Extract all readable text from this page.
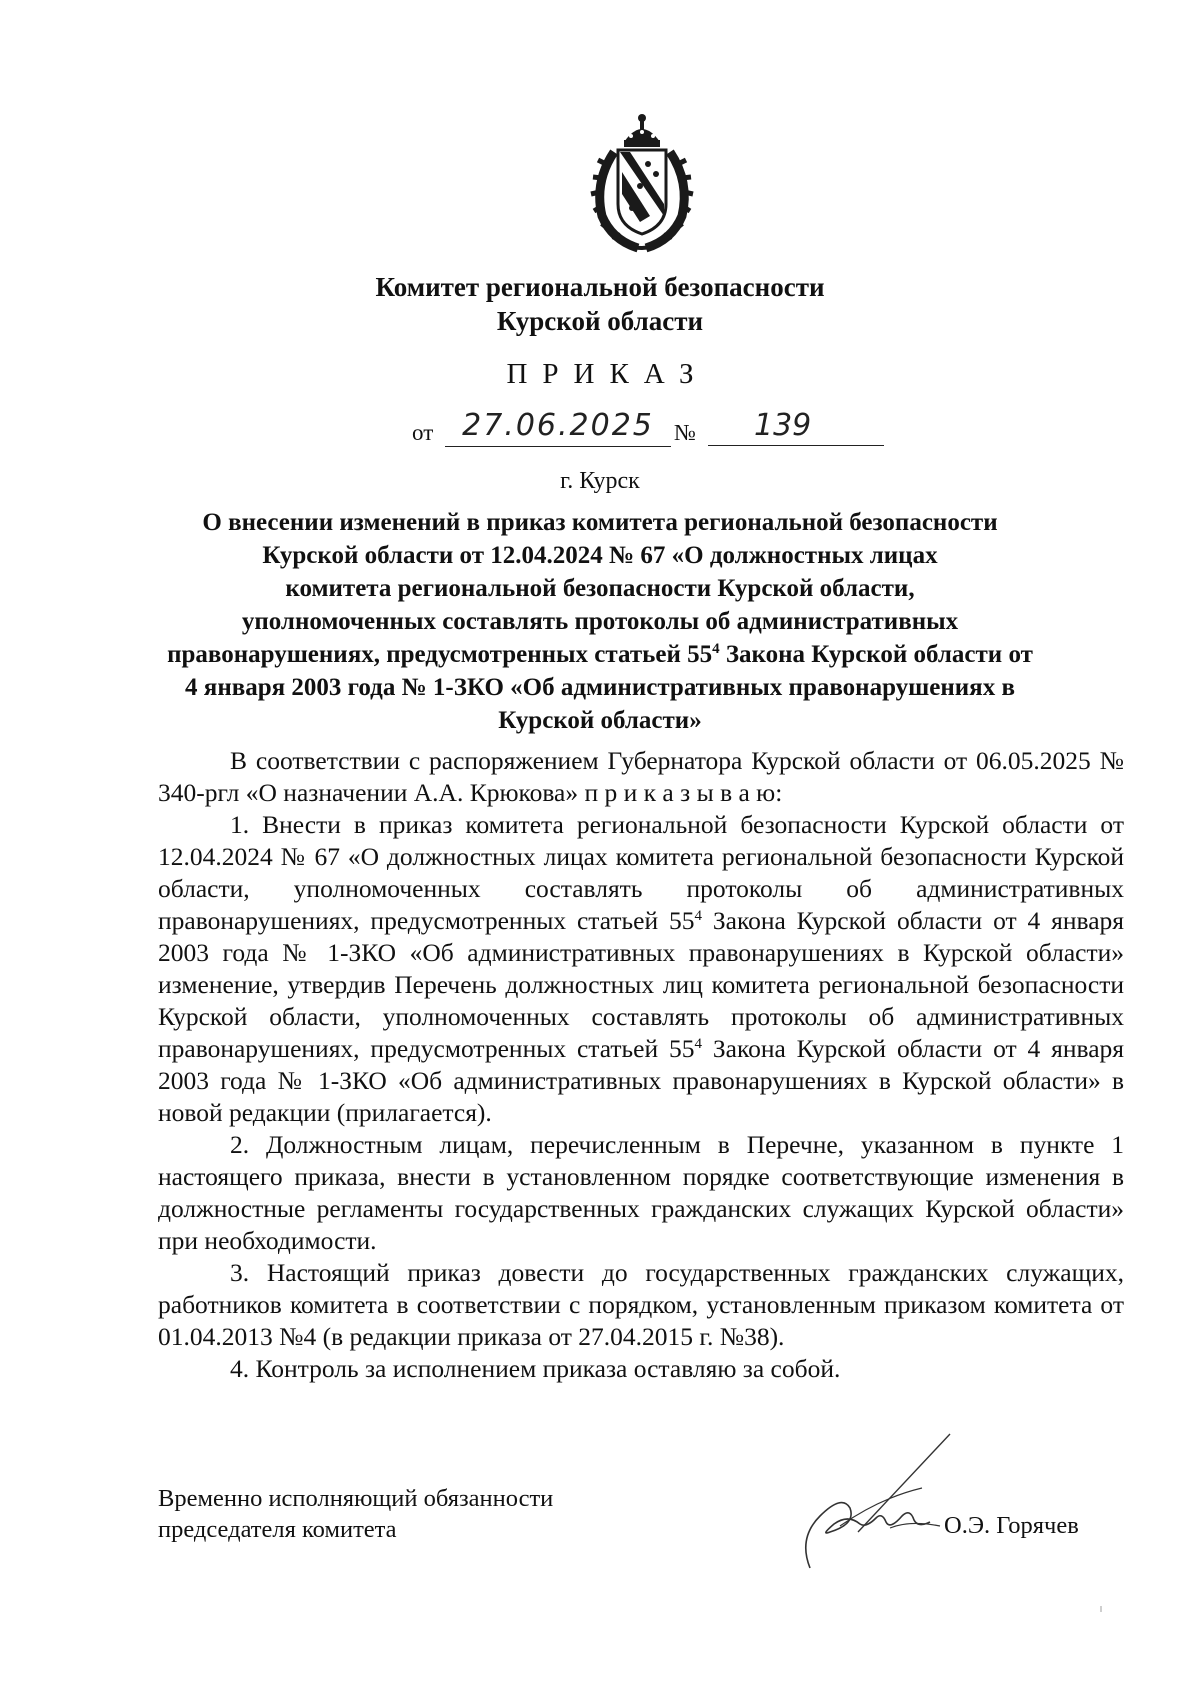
Комитет региональной безопасности
Курской области
ПРИКАЗ
от 27.06.2025 №	139
г. Курск
О внесении изменений в приказ комитета региональной безопасности
Курской области от 12.04.2024 № 67 «О должностных лицах
комитета региональной безопасности Курской области,
уполномоченных составлять протоколы об административных
правонарушениях, предусмотренных статьей $55^4$ Закона Курской области от
4 января 2003 года № 1-ЗКО «Об административных правонарушениях в
Курской области»

В соответствии с распоряжением Губернатора Курской области от 06.05.2025 № 340-ргл «О назначении А.А. Крюкова» п р и к а з ы в а ю:

1. Внести в приказ комитета региональной безопасности Курской области от 12.04.2024 № 67 «О должностных лицах комитета региональной безопасности Курской области, уполномоченных составлять протоколы об административных правонарушениях, предусмотренных статьей $55^4$ Закона Курской области от 4 января 2003 года № 1-ЗКО «Об административных правонарушениях в Курской области» изменение, утвердив Перечень должностных лиц комитета региональной безопасности Курской области, уполномоченных составлять протоколы об административных правонарушениях, предусмотренных статьей $55^4$ Закона Курской области от 4 января 2003 года № 1-ЗКО «Об административных правонарушениях в Курской области» в новой редакции (прилагается).

2. Должностным лицам, перечисленным в Перечне, указанном в пункте 1 настоящего приказа, внести в установленном порядке соответствующие изменения в должностные регламенты государственных гражданских служащих Курской области» при необходимости.

3. Настоящий приказ довести до государственных гражданских служащих, работников комитета в соответствии с порядком, установленным приказом комитета от 01.04.2013 №4 (в редакции приказа от 27.04.2015 г. №38).

4. Контроль за исполнением приказа оставляю за собой.

Временно исполняющий обязанности
председателя комитета	О.Э. Горячев
